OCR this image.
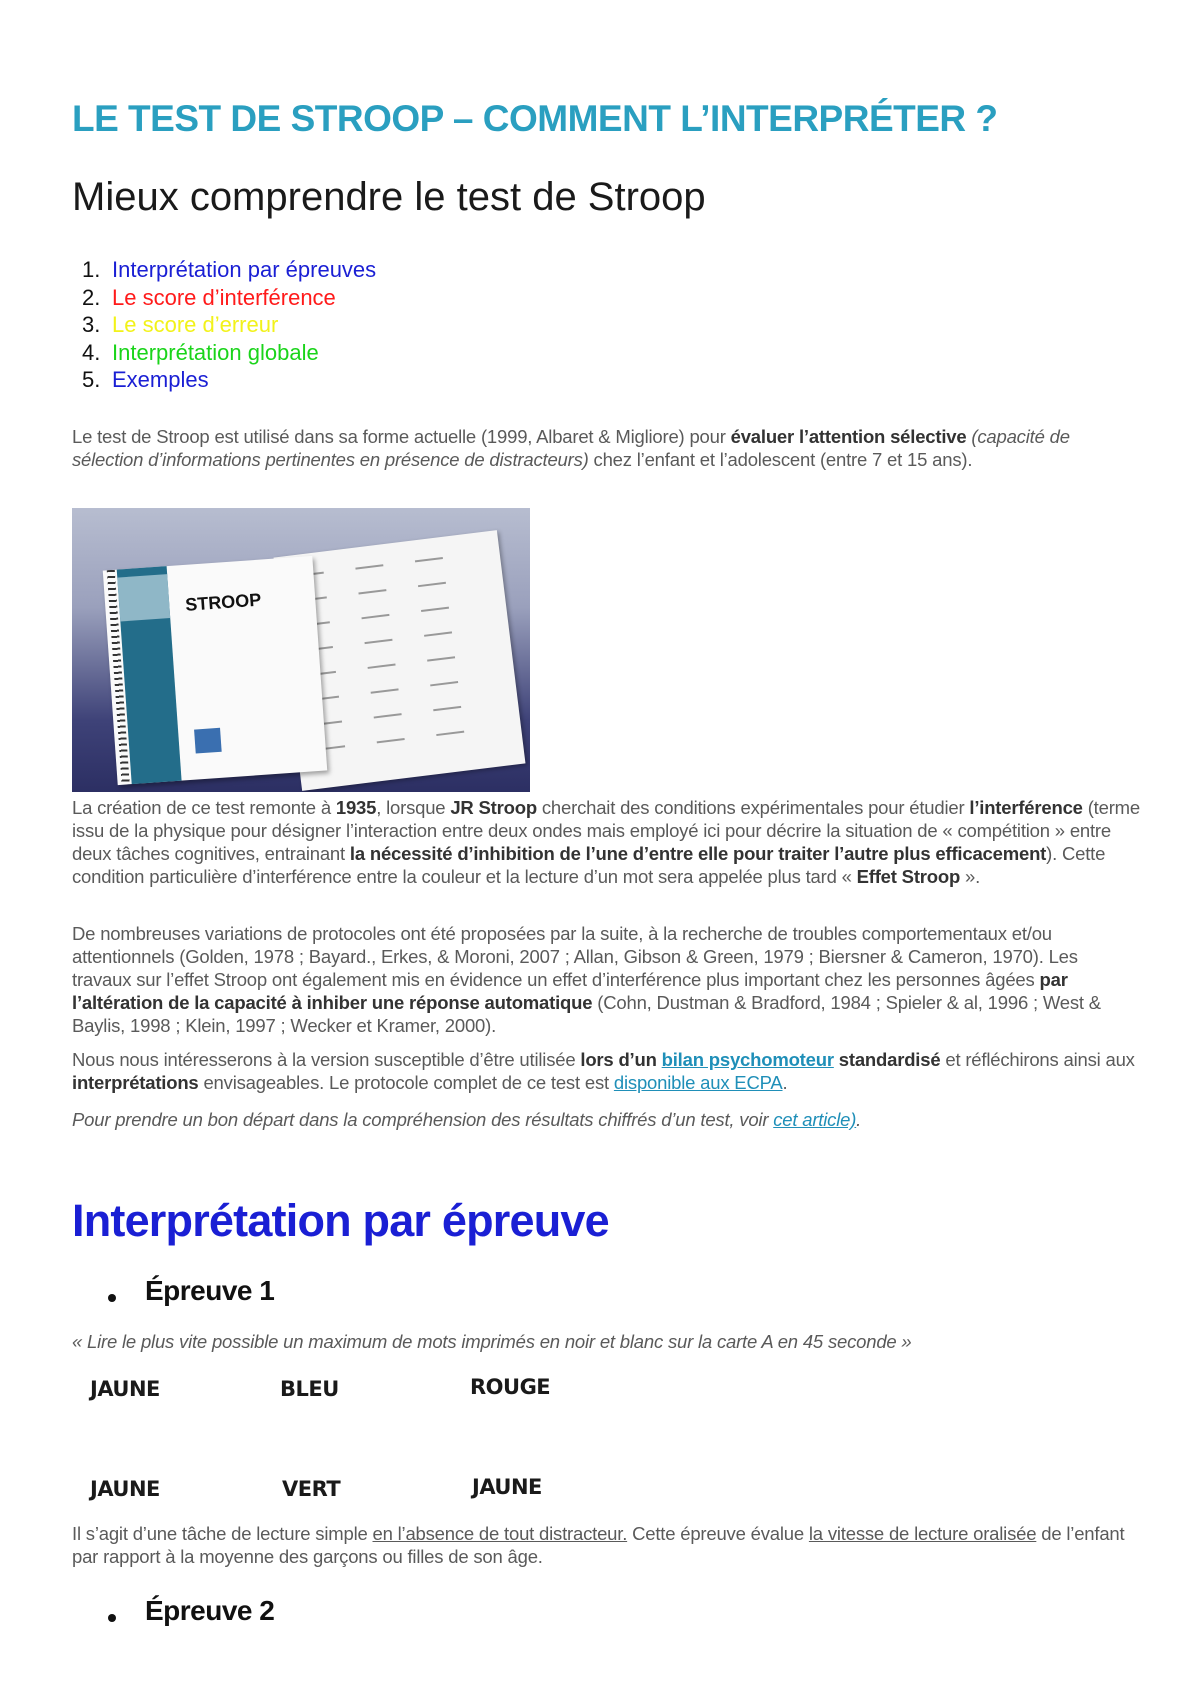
LE TEST DE STROOP – COMMENT L’INTERPRÉTER ?
Mieux comprendre le test de Stroop
1. Interprétation par épreuves
2. Le score d’interférence
3. Le score d’erreur
4. Interprétation globale
5. Exemples

Le test de Stroop est utilisé dans sa forme actuelle (1999, Albaret & Migliore) pour évaluer l’attention sélective (capacité de sélection d’informations pertinentes en présence de distracteurs) chez l’enfant et l’adolescent (entre 7 et 15 ans).

STROOP

La création de ce test remonte à 1935, lorsque JR Stroop cherchait des conditions expérimentales pour étudier l’interférence (terme issu de la physique pour désigner l’interaction entre deux ondes mais employé ici pour décrire la situation de « compétition » entre deux tâches cognitives, entrainant la nécessité d’inhibition de l’une d’entre elle pour traiter l’autre plus efficacement). Cette condition particulière d’interférence entre la couleur et la lecture d’un mot sera appelée plus tard « Effet Stroop ».

De nombreuses variations de protocoles ont été proposées par la suite, à la recherche de troubles comportementaux et/ou attentionnels (Golden, 1978 ; Bayard., Erkes, & Moroni, 2007 ; Allan, Gibson & Green, 1979 ; Biersner & Cameron, 1970). Les travaux sur l’effet Stroop ont également mis en évidence un effet d’interférence plus important chez les personnes âgées par l’altération de la capacité à inhiber une réponse automatique (Cohn, Dustman & Bradford, 1984 ; Spieler & al, 1996 ; West & Baylis, 1998 ; Klein, 1997 ; Wecker et Kramer, 2000).

Nous nous intéresserons à la version susceptible d’être utilisée lors d’un bilan psychomoteur standardisé et réfléchirons ainsi aux interprétations envisageables. Le protocole complet de ce test est disponible aux ECPA.

Pour prendre un bon départ dans la compréhension des résultats chiffrés d’un test, voir cet article).

Interprétation par épreuve
Épreuve 1

« Lire le plus vite possible un maximum de mots imprimés en noir et blanc sur la carte A en 45 seconde »

JAUNE	BLEU	ROUGE
JAUNE	VERT	JAUNE

Il s’agit d’une tâche de lecture simple en l’absence de tout distracteur. Cette épreuve évalue la vitesse de lecture oralisée de l’enfant par rapport à la moyenne des garçons ou filles de son âge.

Épreuve 2
